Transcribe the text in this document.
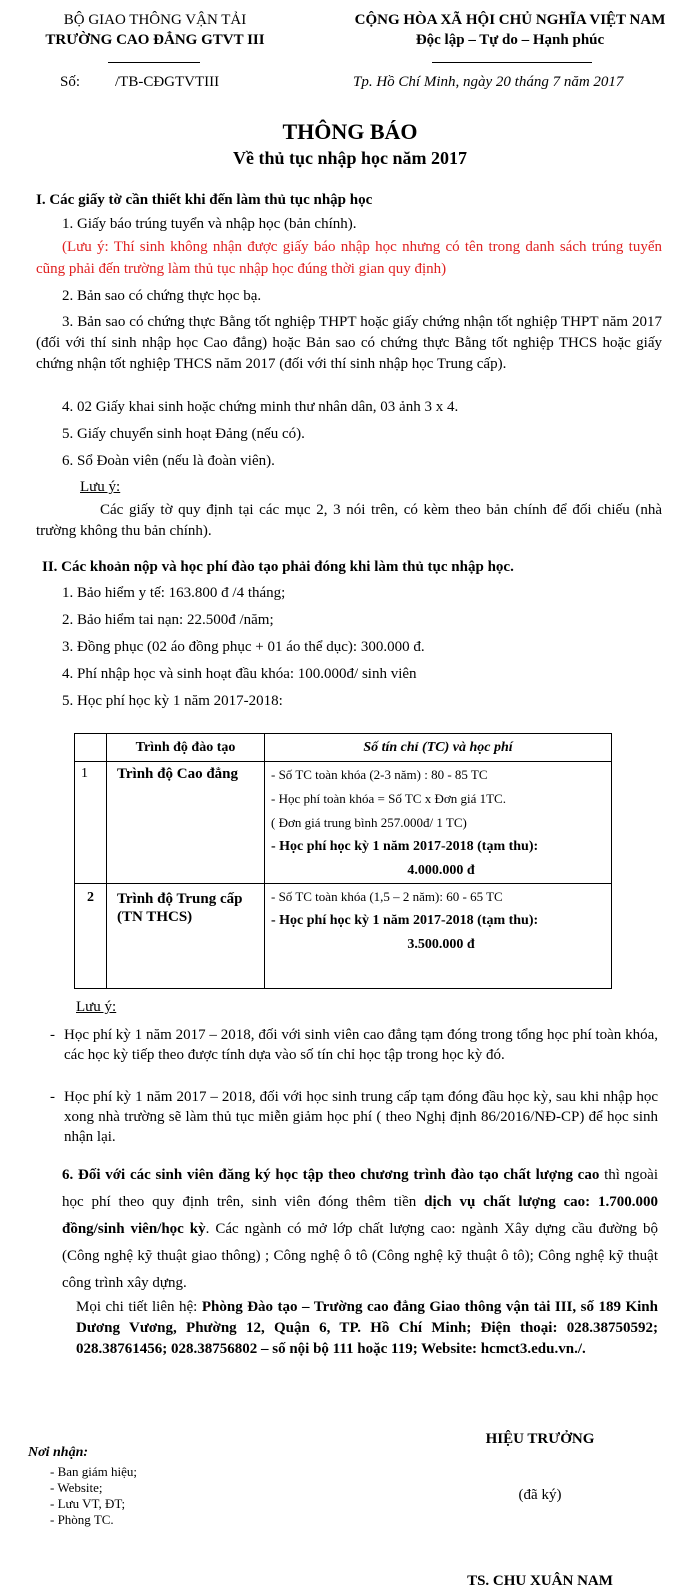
BỘ GIAO THÔNG VẬN TẢI
TRƯỜNG CAO ĐẲNG GTVT III
CỘNG HÒA XÃ HỘI CHỦ NGHĨA VIỆT NAM
Độc lập – Tự do – Hạnh phúc
Số: /TB-CĐGTVTIII	Tp. Hồ Chí Minh, ngày 20 tháng 7 năm 2017
THÔNG BÁO
Về thủ tục nhập học năm 2017
I. Các giấy tờ cần thiết khi đến làm thủ tục nhập học
1. Giấy báo trúng tuyển và nhập học (bản chính).
(Lưu ý: Thí sinh không nhận được giấy báo nhập học nhưng có tên trong danh sách trúng tuyển cũng phải đến trường làm thủ tục nhập học đúng thời gian quy định)
2. Bản sao có chứng thực học bạ.
3. Bản sao có chứng thực Bằng tốt nghiệp THPT hoặc giấy chứng nhận tốt nghiệp THPT năm 2017 (đối với thí sinh nhập học Cao đẳng) hoặc Bản sao có chứng thực Bằng tốt nghiệp THCS hoặc giấy chứng nhận tốt nghiệp THCS năm 2017 (đối với thí sinh nhập học Trung cấp).
4. 02 Giấy khai sinh hoặc chứng minh thư nhân dân, 03 ảnh 3 x 4.
5. Giấy chuyển sinh hoạt Đảng (nếu có).
6. Sổ Đoàn viên (nếu là đoàn viên).
Lưu ý:
Các giấy tờ quy định tại các mục 2, 3 nói trên, có kèm theo bản chính để đối chiếu (nhà trường không thu bản chính).
II. Các khoản nộp và học phí đào tạo phải đóng khi làm thủ tục nhập học.
1. Bảo hiểm y tế: 163.800 đ /4 tháng;
2. Bảo hiểm tai nạn: 22.500đ /năm;
3. Đồng phục (02 áo đồng phục + 01 áo thể dục): 300.000 đ.
4. Phí nhập học và sinh hoạt đầu khóa: 100.000đ/ sinh viên
5. Học phí học kỳ 1 năm 2017-2018:
	Trình độ đào tạo	Số tín chỉ (TC) và học phí

1	Trình độ Cao đẳng	- Số TC toàn khóa (2-3 năm) : 80 - 85 TC
- Học phí toàn khóa = Số TC x Đơn giá 1TC.
( Đơn giá trung bình 257.000đ/ 1 TC)
- Học phí học kỳ 1 năm 2017-2018 (tạm thu):
4.000.000 đ

2	Trình độ Trung cấp (TN THCS)	- Số TC toàn khóa (1,5 – 2 năm): 60 - 65 TC
- Học phí học kỳ 1 năm 2017-2018 (tạm thu):
3.500.000 đ
Lưu ý:
- Học phí kỳ 1 năm 2017 – 2018, đối với sinh viên cao đẳng tạm đóng trong tổng học phí toàn khóa, các học kỳ tiếp theo được tính dựa vào số tín chỉ học tập trong học kỳ đó.
- Học phí kỳ 1 năm 2017 – 2018, đối với học sinh trung cấp tạm đóng đầu học kỳ, sau khi nhập học xong nhà trường sẽ làm thủ tục miễn giảm học phí ( theo Nghị định 86/2016/NĐ-CP) để học sinh nhận lại.
6. Đối với các sinh viên đăng ký học tập theo chương trình đào tạo chất lượng cao thì ngoài học phí theo quy định trên, sinh viên đóng thêm tiền dịch vụ chất lượng cao: 1.700.000 đồng/sinh viên/học kỳ. Các ngành có mở lớp chất lượng cao: ngành Xây dựng cầu đường bộ (Công nghệ kỹ thuật giao thông) ; Công nghệ ô tô (Công nghệ kỹ thuật ô tô); Công nghệ kỹ thuật công trình xây dựng.
Mọi chi tiết liên hệ: Phòng Đào tạo – Trường cao đẳng Giao thông vận tải III, số 189 Kinh Dương Vương, Phường 12, Quận 6, TP. Hồ Chí Minh; Điện thoại: 028.38750592; 028.38761456; 028.38756802 – số nội bộ 111 hoặc 119; Website: hcmct3.edu.vn./.
HIỆU TRƯỞNG
(đã ký)
TS. CHU XUÂN NAM
Nơi nhận:
- Ban giám hiệu;
- Website;
- Lưu VT, ĐT;
- Phòng TC.
